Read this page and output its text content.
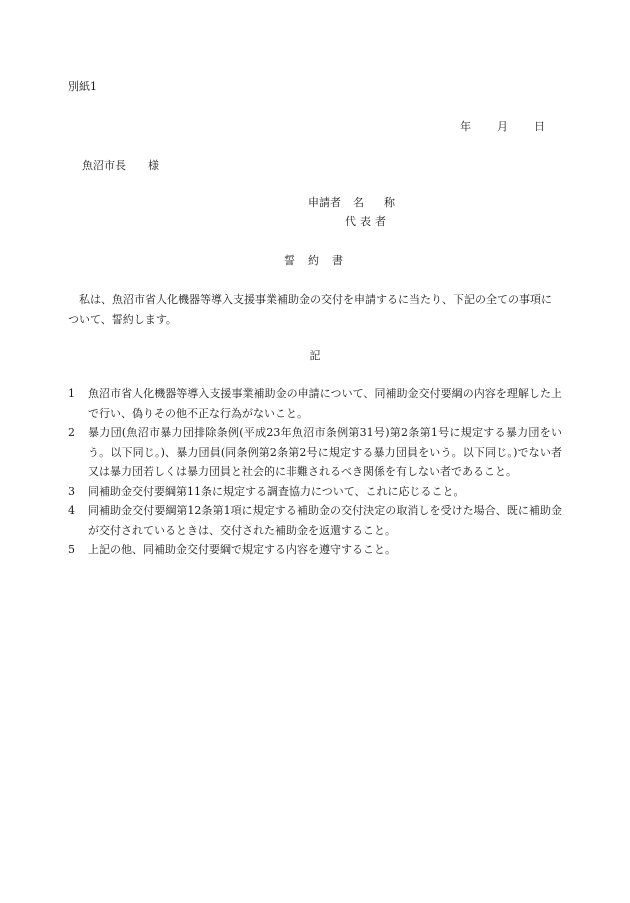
別紙1
年 月 日
魚沼市長 様
申請者 名 称
代表者
誓約書
私は、魚沼市省人化機器等導入支援事業補助金の交付を申請するに当たり、下記の全ての事項について、誓約します。
記
1	魚沼市省人化機器等導入支援事業補助金の申請について、同補助金交付要綱の内容を理解した上で行い、偽りその他不正な行為がないこと。
2	暴力団(魚沼市暴力団排除条例(平成23年魚沼市条例第31号)第2条第1号に規定する暴力団をいう。以下同じ。)、暴力団員(同条例第2条第2号に規定する暴力団員をいう。以下同じ。)でない者又は暴力団若しくは暴力団員と社会的に非難されるべき関係を有しない者であること。
3	同補助金交付要綱第11条に規定する調査協力について、これに応じること。
4	同補助金交付要綱第12条第1項に規定する補助金の交付決定の取消しを受けた場合、既に補助金が交付されているときは、交付された補助金を返還すること。
5	上記の他、同補助金交付要綱で規定する内容を遵守すること。
